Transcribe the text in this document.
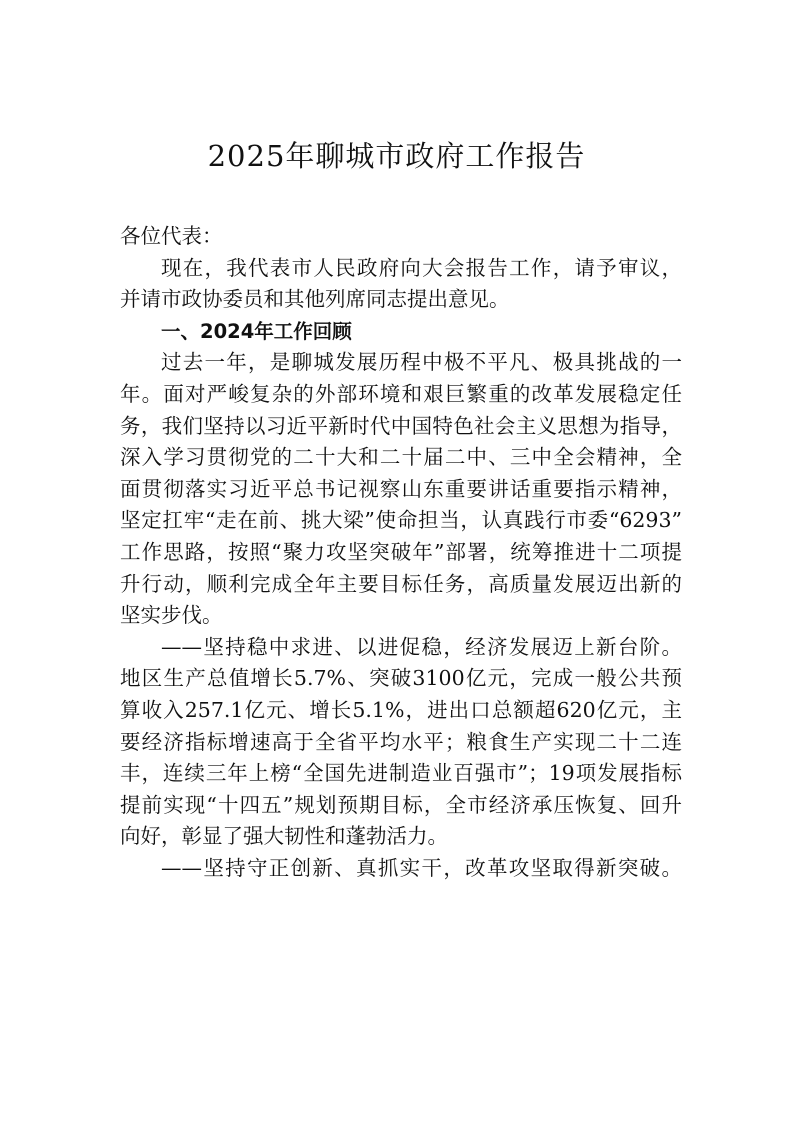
2025年聊城市政府工作报告
各位代表：
现在，我代表市人民政府向大会报告工作，请予审议，
并请市政协委员和其他列席同志提出意见。
一、2024年工作回顾
过去一年，是聊城发展历程中极不平凡、极具挑战的一
年。面对严峻复杂的外部环境和艰巨繁重的改革发展稳定任
务，我们坚持以习近平新时代中国特色社会主义思想为指导，
深入学习贯彻党的二十大和二十届二中、三中全会精神，全
面贯彻落实习近平总书记视察山东重要讲话重要指示精神，
坚定扛牢“走在前、挑大梁”使命担当，认真践行市委“6293”
工作思路，按照“聚力攻坚突破年”部署，统筹推进十二项提
升行动，顺利完成全年主要目标任务，高质量发展迈出新的
坚实步伐。
——坚持稳中求进、以进促稳，经济发展迈上新台阶。
地区生产总值增长5.7%、突破3100亿元，完成一般公共预
算收入257.1亿元、增长5.1%，进出口总额超620亿元，主
要经济指标增速高于全省平均水平；粮食生产实现二十二连
丰，连续三年上榜“全国先进制造业百强市”；19项发展指标
提前实现“十四五”规划预期目标，全市经济承压恢复、回升
向好，彰显了强大韧性和蓬勃活力。
——坚持守正创新、真抓实干，改革攻坚取得新突破。
